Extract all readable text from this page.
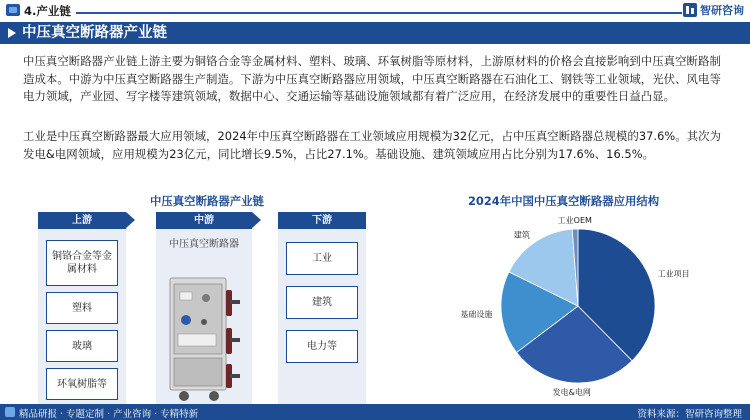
4.产业链	智研咨询
中压真空断路器产业链

中压真空断路器产业链上游主要为铜铬合金等金属材料、塑料、玻璃、环氧树脂等原材料，上游原材料的价格会直接影响到中压真空断路制造成本。中游为中压真空断路器生产制造。下游为中压真空断路器应用领域，中压真空断路器在石油化工、钢铁等工业领域，光伏、风电等电力领域，产业园、写字楼等建筑领域，数据中心、交通运输等基础设施领域都有着广泛应用，在经济发展中的重要性日益凸显。

工业是中压真空断路器最大应用领域，2024年中压真空断路器在工业领域应用规模为32亿元，占中压真空断路器总规模的37.6%。其次为发电&电网领域，应用规模为23亿元，同比增长9.5%，占比27.1%。基础设施、建筑领域应用占比分别为17.6%、16.5%。

中压真空断路器产业链
上游
铜铬合金等金属材料
塑料
玻璃
环氧树脂等
中游
中压真空断路器
下游
工业
建筑
电力等
2024年中国中压真空断路器应用结构
工业项目
发电&电网
基础设施
建筑
工业OEM
精品研报 · 专题定制 · 产业咨询 · 专精特新	资料来源：智研咨询整理
